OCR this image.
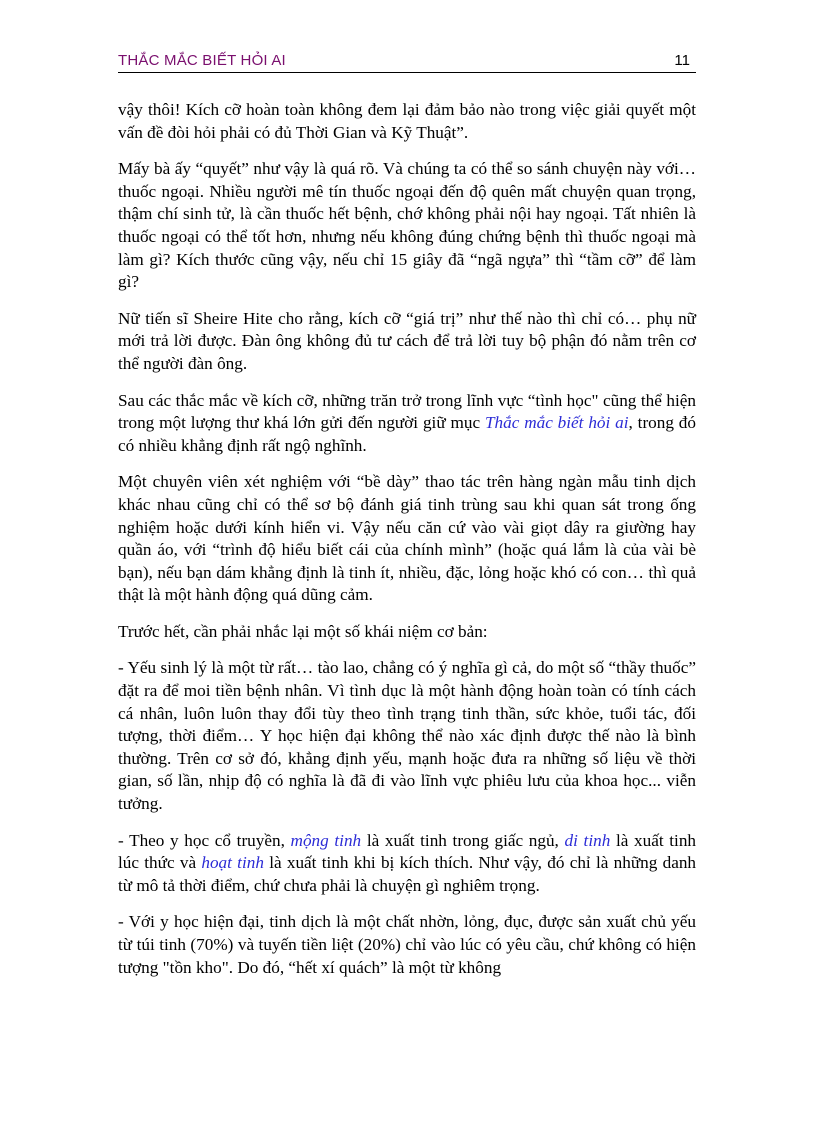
THẮC MẮC BIẾT HỎI AI	11

vậy thôi! Kích cỡ hoàn toàn không đem lại đảm bảo nào trong việc giải quyết một vấn đề đòi hỏi phải có đủ Thời Gian và Kỹ Thuật”.

Mấy bà ấy “quyết” như vậy là quá rõ. Và chúng ta có thể so sánh chuyện này với… thuốc ngoại. Nhiều người mê tín thuốc ngoại đến độ quên mất chuyện quan trọng, thậm chí sinh tử, là cần thuốc hết bệnh, chớ không phải nội hay ngoại. Tất nhiên là thuốc ngoại có thể tốt hơn, nhưng nếu không đúng chứng bệnh thì thuốc ngoại mà làm gì? Kích thước cũng vậy, nếu chỉ 15 giây đã “ngã ngựa” thì “tầm cỡ” để làm gì?

Nữ tiến sĩ Sheire Hite cho rằng, kích cỡ “giá trị” như thế nào thì chỉ có… phụ nữ mới trả lời được. Đàn ông không đủ tư cách để trả lời tuy bộ phận đó nằm trên cơ thể người đàn ông.

Sau các thắc mắc về kích cỡ, những trăn trở trong lĩnh vực “tình học" cũng thể hiện trong một lượng thư khá lớn gửi đến người giữ mục Thắc mắc biết hỏi ai, trong đó có nhiều khẳng định rất ngộ nghĩnh.

Một chuyên viên xét nghiệm với “bề dày” thao tác trên hàng ngàn mẫu tinh dịch khác nhau cũng chỉ có thể sơ bộ đánh giá tinh trùng sau khi quan sát trong ống nghiệm hoặc dưới kính hiển vi. Vậy nếu căn cứ vào vài giọt dây ra giường hay quần áo, với “trình độ hiểu biết cái của chính mình” (hoặc quá lắm là của vài bè bạn), nếu bạn dám khẳng định là tinh ít, nhiều, đặc, lỏng hoặc khó có con… thì quả thật là một hành động quá dũng cảm.

Trước hết, cần phải nhắc lại một số khái niệm cơ bản:

- Yếu sinh lý là một từ rất… tào lao, chẳng có ý nghĩa gì cả, do một số “thầy thuốc” đặt ra để moi tiền bệnh nhân. Vì tình dục là một hành động hoàn toàn có tính cách cá nhân, luôn luôn thay đổi tùy theo tình trạng tinh thần, sức khỏe, tuổi tác, đối tượng, thời điểm… Y học hiện đại không thể nào xác định được thế nào là bình thường. Trên cơ sở đó, khẳng định yếu, mạnh hoặc đưa ra những số liệu về thời gian, số lần, nhịp độ có nghĩa là đã đi vào lĩnh vực phiêu lưu của khoa học... viễn tưởng.

- Theo y học cổ truyền, mộng tinh là xuất tinh trong giấc ngủ, di tinh là xuất tinh lúc thức và hoạt tinh là xuất tinh khi bị kích thích. Như vậy, đó chỉ là những danh từ mô tả thời điểm, chứ chưa phải là chuyện gì nghiêm trọng.

- Với y học hiện đại, tinh dịch là một chất nhờn, lỏng, đục, được sản xuất chủ yếu từ túi tinh (70%) và tuyến tiền liệt (20%) chỉ vào lúc có yêu cầu, chứ không có hiện tượng "tồn kho". Do đó, “hết xí quách” là một từ không
